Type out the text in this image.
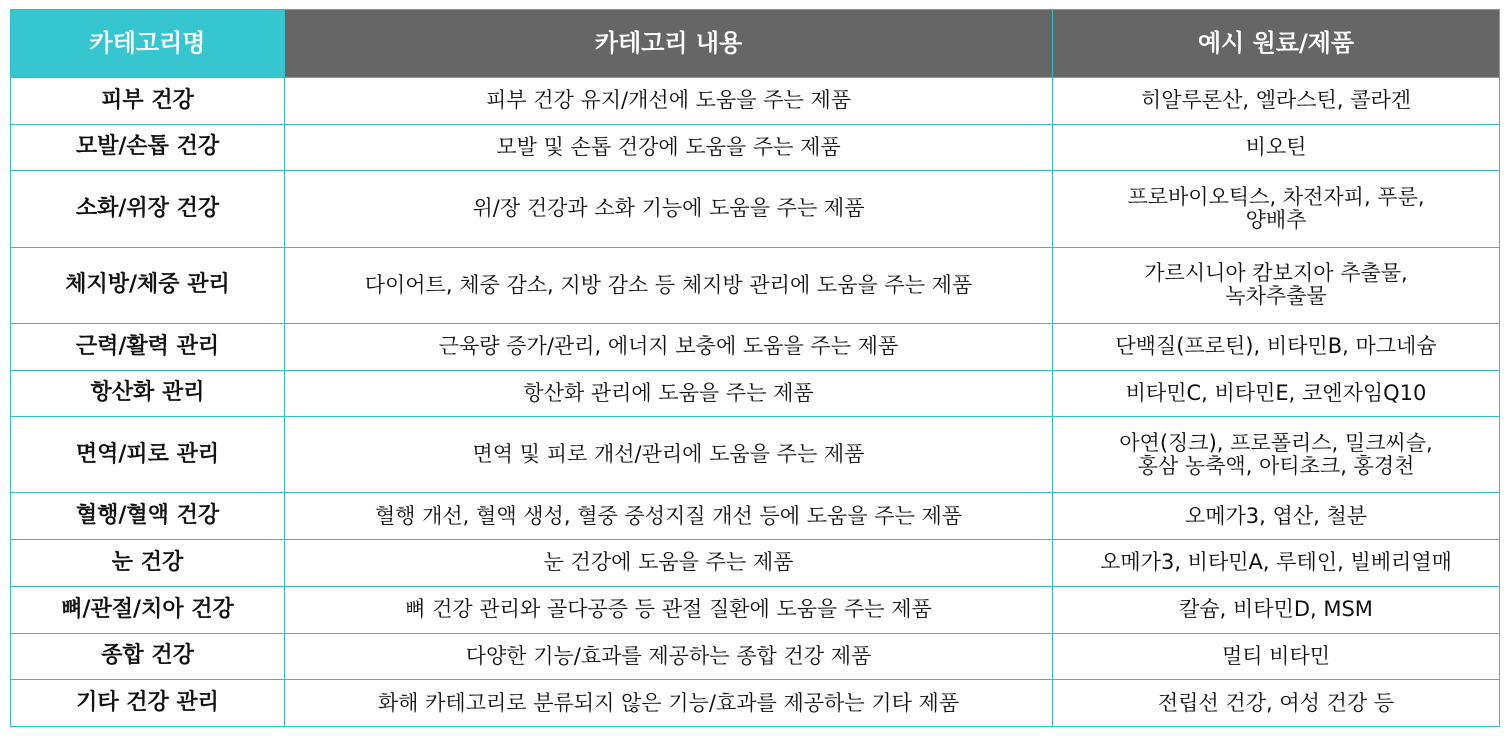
카테고리명	카테고리 내용	예시 원료/제품
피부 건강	피부 건강 유지/개선에 도움을 주는 제품	히알루론산, 엘라스틴, 콜라겐
모발/손톱 건강	모발 및 손톱 건강에 도움을 주는 제품	비오틴
소화/위장 건강	위/장 건강과 소화 기능에 도움을 주는 제품	프로바이오틱스, 차전자피, 푸룬,
양배추
체지방/체중 관리	다이어트, 체중 감소, 지방 감소 등 체지방 관리에 도움을 주는 제품	가르시니아 캄보지아 추출물,
녹차추출물
근력/활력 관리	근육량 증가/관리, 에너지 보충에 도움을 주는 제품	단백질(프로틴), 비타민B, 마그네슘
항산화 관리	항산화 관리에 도움을 주는 제품	비타민C, 비타민E, 코엔자임Q10
면역/피로 관리	면역 및 피로 개선/관리에 도움을 주는 제품	아연(징크), 프로폴리스, 밀크씨슬,
홍삼 농축액, 아티초크, 홍경천
혈행/혈액 건강	혈행 개선, 혈액 생성, 혈중 중성지질 개선 등에 도움을 주는 제품	오메가3, 엽산, 철분
눈 건강	눈 건강에 도움을 주는 제품	오메가3, 비타민A, 루테인, 빌베리열매
뼈/관절/치아 건강	뼈 건강 관리와 골다공증 등 관절 질환에 도움을 주는 제품	칼슘, 비타민D, MSM
종합 건강	다양한 기능/효과를 제공하는 종합 건강 제품	멀티 비타민
기타 건강 관리	화해 카테고리로 분류되지 않은 기능/효과를 제공하는 기타 제품	전립선 건강, 여성 건강 등
